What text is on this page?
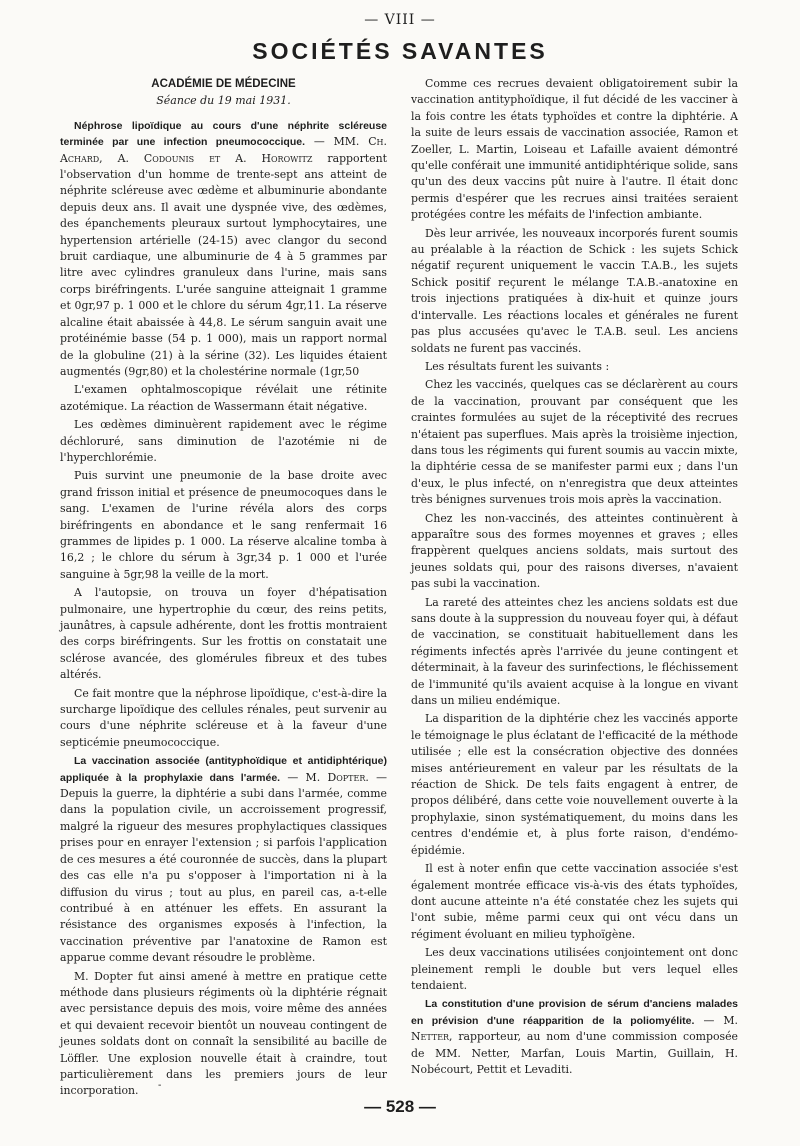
— VIII —
SOCIÉTÉS SAVANTES
ACADÉMIE DE MÉDECINE
Séance du 19 mai 1931.

Néphrose lipoïdique au cours d'une néphrite scléreuse terminée par une infection pneumococcique. — MM. Ch. Achard, A. Codounis et A. Horowitz rapportent l'observation d'un homme de trente-sept ans atteint de néphrite scléreuse avec œdème et albuminurie abondante depuis deux ans. Il avait une dyspnée vive, des œdèmes, des épanchements pleuraux surtout lymphocytaires, une hypertension artérielle (24-15) avec clangor du second bruit cardiaque, une albuminurie de 4 à 5 grammes par litre avec cylindres granuleux dans l'urine, mais sans corps biréfringents. L'urée sanguine atteignait 1 gramme et 0gr,97 p. 1 000 et le chlore du sérum 4gr,11. La réserve alcaline était abaissée à 44,8. Le sérum sanguin avait une protéinémie basse (54 p. 1 000), mais un rapport normal de la globuline (21) à la sérine (32). Les liquides étaient augmentés (9gr,80) et la cholestérine normale (1gr,50

L'examen ophtalmoscopique révélait une rétinite azotémique. La réaction de Wassermann était négative.

Les œdèmes diminuèrent rapidement avec le régime déchloruré, sans diminution de l'azotémie ni de l'hyperchlorémie.

Puis survint une pneumonie de la base droite avec grand frisson initial et présence de pneumocoques dans le sang. L'examen de l'urine révéla alors des corps biréfringents en abondance et le sang renfermait 16 grammes de lipides p. 1 000. La réserve alcaline tomba à 16,2 ; le chlore du sérum à 3gr,34 p. 1 000 et l'urée sanguine à 5gr,98 la veille de la mort.

A l'autopsie, on trouva un foyer d'hépatisation pulmonaire, une hypertrophie du cœur, des reins petits, jaunâtres, à capsule adhérente, dont les frottis montraient des corps biréfringents. Sur les frottis on constatait une sclérose avancée, des glomérules fibreux et des tubes altérés.

Ce fait montre que la néphrose lipoïdique, c'est-à-dire la surcharge lipoïdique des cellules rénales, peut survenir au cours d'une néphrite scléreuse et à la faveur d'une septicémie pneumococcique.

La vaccination associée (antityphoïdique et antidiphtérique) appliquée à la prophylaxie dans l'armée. — M. Dopter. — Depuis la guerre, la diphtérie a subi dans l'armée, comme dans la population civile, un accroissement progressif, malgré la rigueur des mesures prophylactiques classiques prises pour en enrayer l'extension ; si parfois l'application de ces mesures a été couronnée de succès, dans la plupart des cas elle n'a pu s'opposer à l'importation ni à la diffusion du virus ; tout au plus, en pareil cas, a-t-elle contribué à en atténuer les effets. En assurant la résistance des organismes exposés à l'infection, la vaccination préventive par l'anatoxine de Ramon est apparue comme devant résoudre le problème.

M. Dopter fut ainsi amené à mettre en pratique cette méthode dans plusieurs régiments où la diphtérie régnait avec persistance depuis des mois, voire même des années et qui devaient recevoir bientôt un nouveau contingent de jeunes soldats dont on connaît la sensibilité au bacille de Löffler. Une explosion nouvelle était à craindre, tout particulièrement dans les premiers jours de leur incorporation.

Comme ces recrues devaient obligatoirement subir la vaccination antityphoïdique, il fut décidé de les vacciner à la fois contre les états typhoïdes et contre la diphtérie. A la suite de leurs essais de vaccination associée, Ramon et Zoeller, L. Martin, Loiseau et Lafaille avaient démontré qu'elle conférait une immunité antidiphtérique solide, sans qu'un des deux vaccins pût nuire à l'autre. Il était donc permis d'espérer que les recrues ainsi traitées seraient protégées contre les méfaits de l'infection ambiante.

Dès leur arrivée, les nouveaux incorporés furent soumis au préalable à la réaction de Schick : les sujets Schick négatif reçurent uniquement le vaccin T.A.B., les sujets Schick positif reçurent le mélange T.A.B.-anatoxine en trois injections pratiquées à dix-huit et quinze jours d'intervalle. Les réactions locales et générales ne furent pas plus accusées qu'avec le T.A.B. seul. Les anciens soldats ne furent pas vaccinés.

Les résultats furent les suivants :

Chez les vaccinés, quelques cas se déclarèrent au cours de la vaccination, prouvant par conséquent que les craintes formulées au sujet de la réceptivité des recrues n'étaient pas superflues. Mais après la troisième injection, dans tous les régiments qui furent soumis au vaccin mixte, la diphtérie cessa de se manifester parmi eux ; dans l'un d'eux, le plus infecté, on n'enregistra que deux atteintes très bénignes survenues trois mois après la vaccination.

Chez les non-vaccinés, des atteintes continuèrent à apparaître sous des formes moyennes et graves ; elles frappèrent quelques anciens soldats, mais surtout des jeunes soldats qui, pour des raisons diverses, n'avaient pas subi la vaccination.

La rareté des atteintes chez les anciens soldats est due sans doute à la suppression du nouveau foyer qui, à défaut de vaccination, se constituait habituellement dans les régiments infectés après l'arrivée du jeune contingent et déterminait, à la faveur des surinfections, le fléchissement de l'immunité qu'ils avaient acquise à la longue en vivant dans un milieu endémique.

La disparition de la diphtérie chez les vaccinés apporte le témoignage le plus éclatant de l'efficacité de la méthode utilisée ; elle est la consécration objective des données mises antérieurement en valeur par les résultats de la réaction de Shick. De tels faits engagent à entrer, de propos délibéré, dans cette voie nouvellement ouverte à la prophylaxie, sinon systématiquement, du moins dans les centres d'endémie et, à plus forte raison, d'endémo-épidémie.

Il est à noter enfin que cette vaccination associée s'est également montrée efficace vis-à-vis des états typhoïdes, dont aucune atteinte n'a été constatée chez les sujets qui l'ont subie, même parmi ceux qui ont vécu dans un régiment évoluant en milieu typhoïgène.

Les deux vaccinations utilisées conjointement ont donc pleinement rempli le double but vers lequel elles tendaient.

La constitution d'une provision de sérum d'anciens malades en prévision d'une réapparition de la poliomyélite. — M. Netter, rapporteur, au nom d'une commission composée de MM. Netter, Marfan, Louis Martin, Guillain, H. Nobécourt, Pettit et Levaditi.

-
— 528 —
